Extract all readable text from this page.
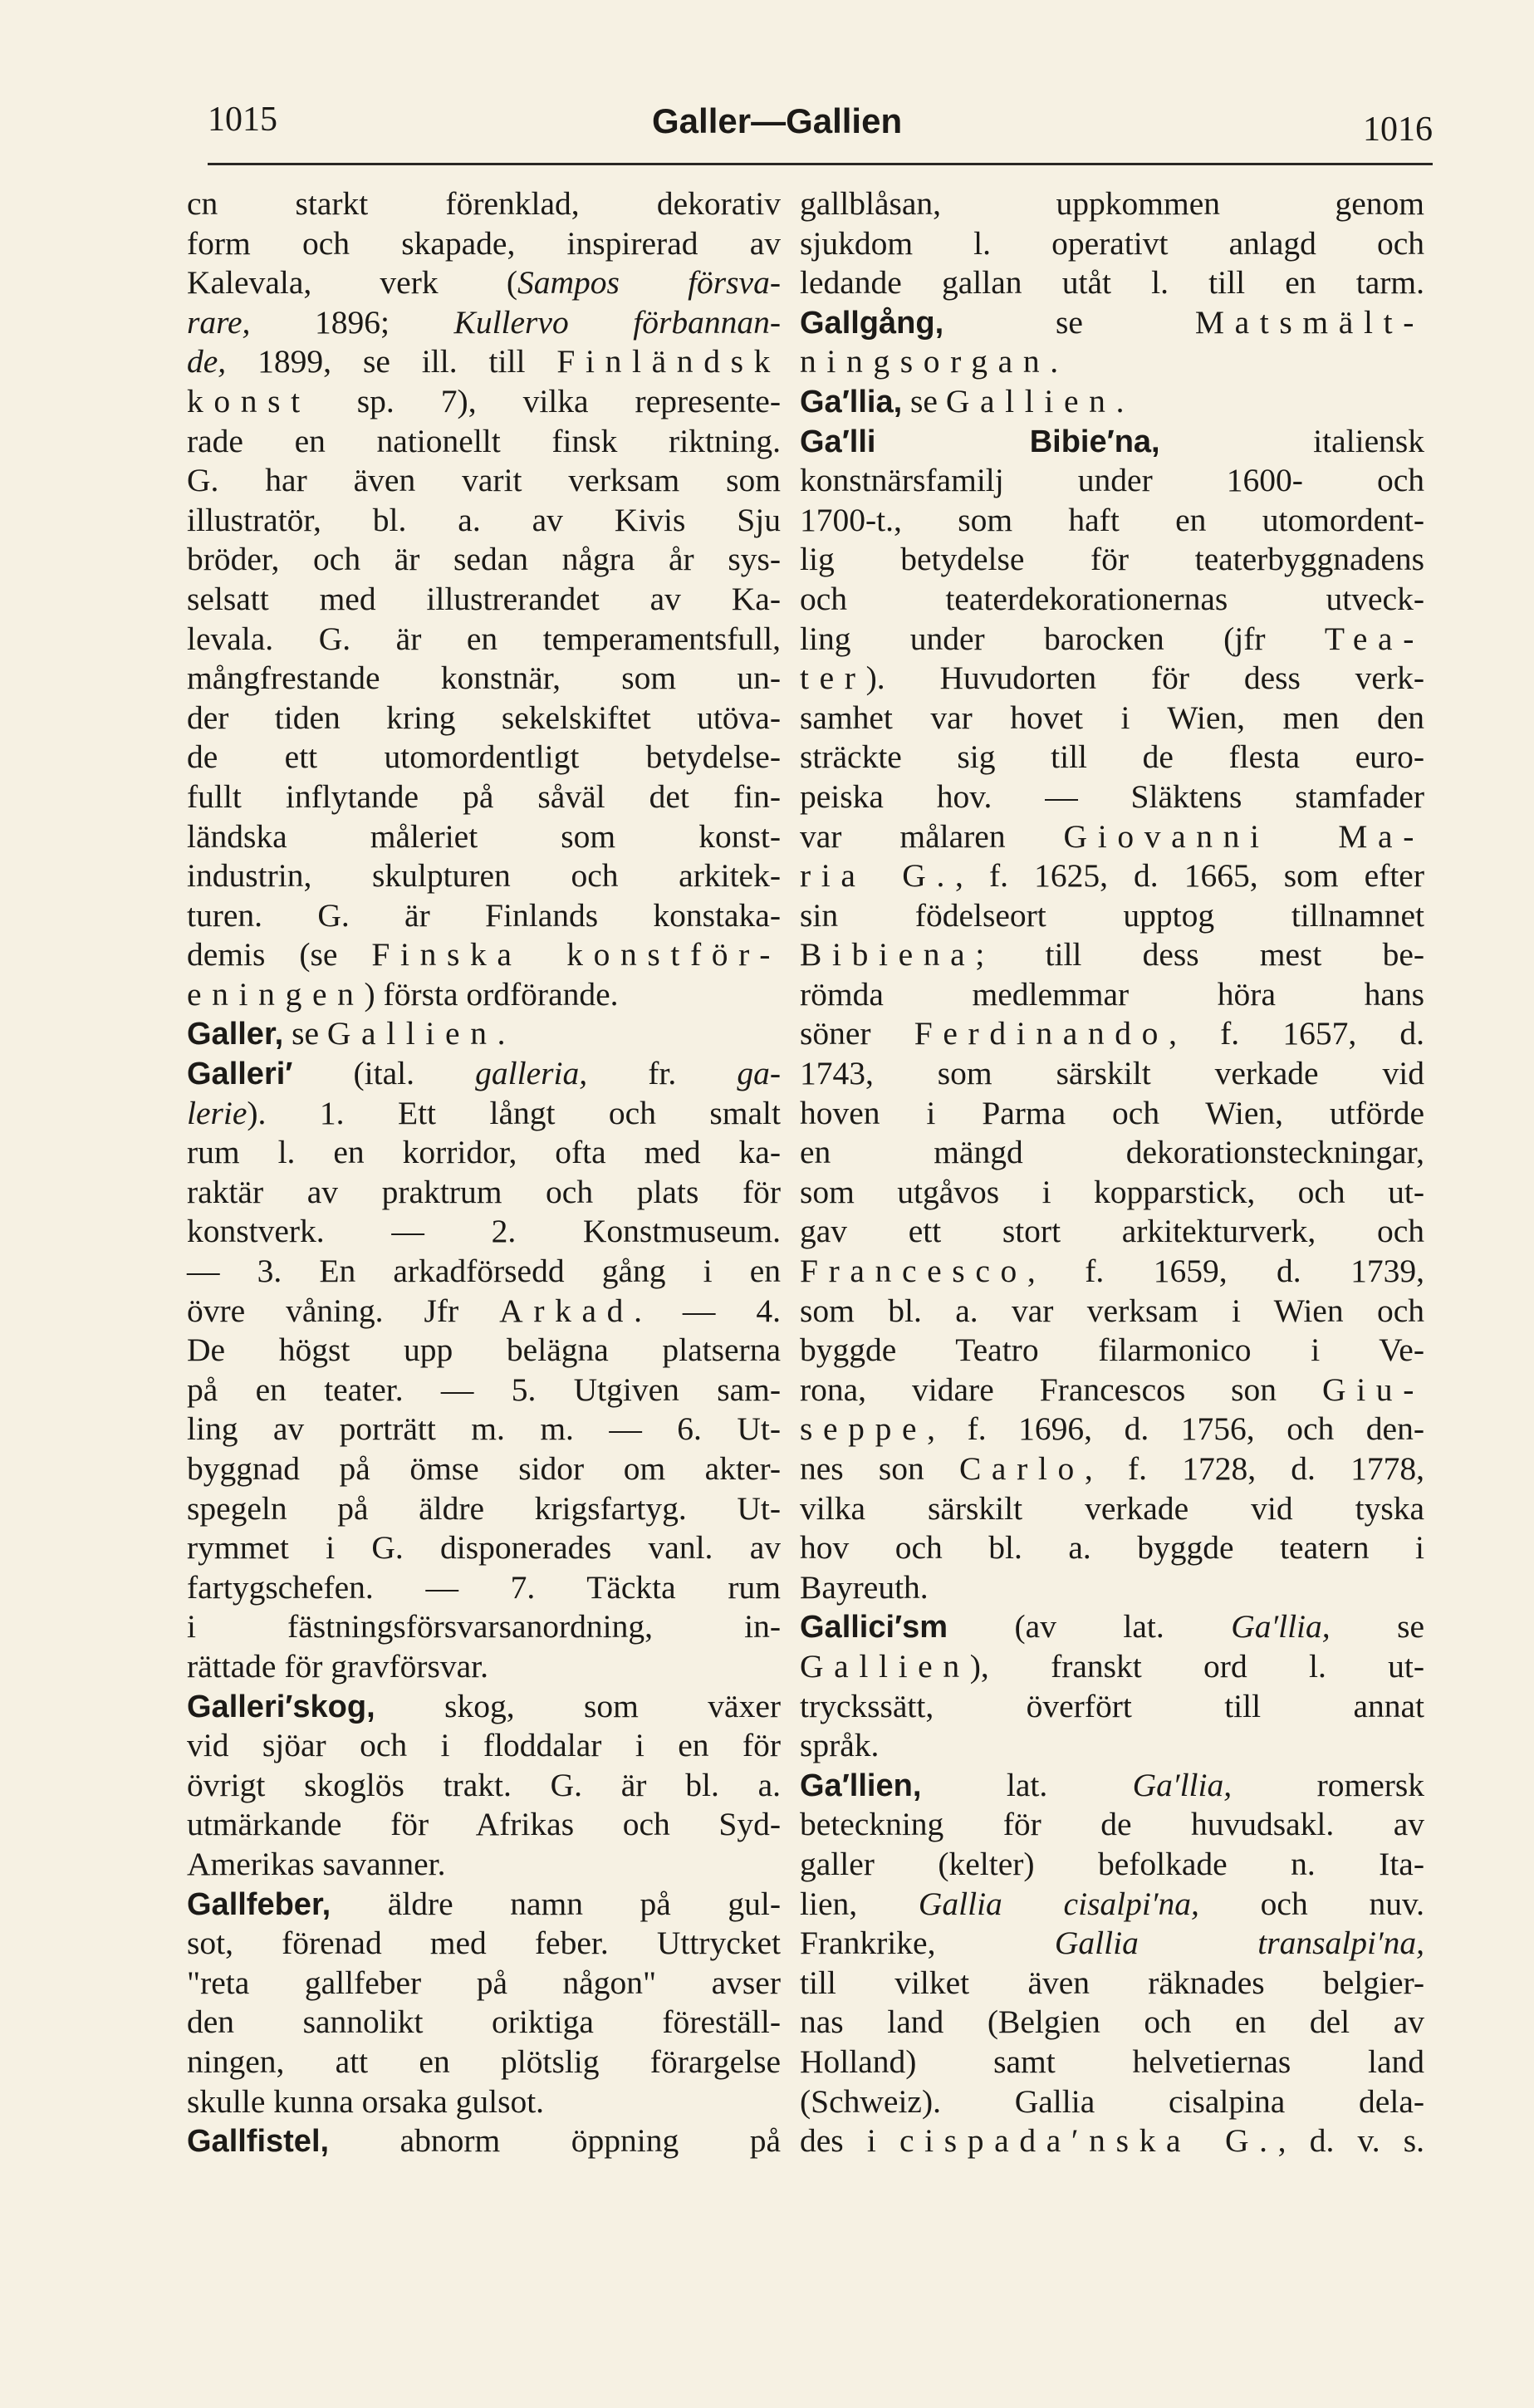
1015	Galler—Gallien	1016
cn starkt förenklad, dekorativ
form och skapade, inspirerad av
Kalevala, verk (Sampos försva-
rare, 1896; Kullervo förbannan-
de, 1899, se ill. till Finländsk
konst sp. 7), vilka represente-
rade en nationellt finsk riktning.
G. har även varit verksam som
illustratör, bl. a. av Kivis Sju
bröder, och är sedan några år sys-
selsatt med illustrerandet av Ka-
levala. G. är en temperamentsfull,
mångfrestande konstnär, som un-
der tiden kring sekelskiftet utöva-
de ett utomordentligt betydelse-
fullt inflytande på såväl det fin-
ländska måleriet som konst-
industrin, skulpturen och arkitek-
turen. G. är Finlands konstaka-
demis (se Finska konstför-
eningen) första ordförande.
Galler, se Gallien.
Galleri′ (ital. galleria, fr. ga-
lerie). 1. Ett långt och smalt
rum l. en korridor, ofta med ka-
raktär av praktrum och plats för
konstverk. — 2. Konstmuseum.
— 3. En arkadförsedd gång i en
övre våning. Jfr Arkad. — 4.
De högst upp belägna platserna
på en teater. — 5. Utgiven sam-
ling av porträtt m. m. — 6. Ut-
byggnad på ömse sidor om akter-
spegeln på äldre krigsfartyg. Ut-
rymmet i G. disponerades vanl. av
fartygschefen. — 7. Täckta rum
i fästningsförsvarsanordning, in-
rättade för gravförsvar.
Galleri′skog, skog, som växer
vid sjöar och i floddalar i en för
övrigt skoglös trakt. G. är bl. a.
utmärkande för Afrikas och Syd-
Amerikas savanner.
Gallfeber, äldre namn på gul-
sot, förenad med feber. Uttrycket
"reta gallfeber på någon" avser
den sannolikt oriktiga föreställ-
ningen, att en plötslig förargelse
skulle kunna orsaka gulsot.
Gallfistel, abnorm öppning på
gallblåsan, uppkommen genom
sjukdom l. operativt anlagd och
ledande gallan utåt l. till en tarm.
Gallgång, se Matsmält-
ningsorgan.
Ga′llia, se Gallien.
Ga′lli Bibie′na, italiensk
konstnärsfamilj under 1600- och
1700-t., som haft en utomordent-
lig betydelse för teaterbyggnadens
och teaterdekorationernas utveck-
ling under barocken (jfr Tea-
ter). Huvudorten för dess verk-
samhet var hovet i Wien, men den
sträckte sig till de flesta euro-
peiska hov. — Släktens stamfader
var målaren Giovanni Ma-
ria G., f. 1625, d. 1665, som efter
sin födelseort upptog tillnamnet
Bibiena; till dess mest be-
römda medlemmar höra hans
söner Ferdinando, f. 1657, d.
1743, som särskilt verkade vid
hoven i Parma och Wien, utförde
en mängd dekorationsteckningar,
som utgåvos i kopparstick, och ut-
gav ett stort arkitekturverk, och
Francesco, f. 1659, d. 1739,
som bl. a. var verksam i Wien och
byggde Teatro filarmonico i Ve-
rona, vidare Francescos son Giu-
seppe, f. 1696, d. 1756, och den-
nes son Carlo, f. 1728, d. 1778,
vilka särskilt verkade vid tyska
hov och bl. a. byggde teatern i
Bayreuth.
Gallici′sm (av lat. Ga′llia, se
Gallien), franskt ord l. ut-
tryckssätt, överfört till annat
språk.
Ga′llien, lat. Ga′llia, romersk
beteckning för de huvudsakl. av
galler (kelter) befolkade n. Ita-
lien, Gallia cisalpi′na, och nuv.
Frankrike, Gallia transalpi′na,
till vilket även räknades belgier-
nas land (Belgien och en del av
Holland) samt helvetiernas land
(Schweiz). Gallia cisalpina dela-
des i cispada′nska G., d. v. s.
